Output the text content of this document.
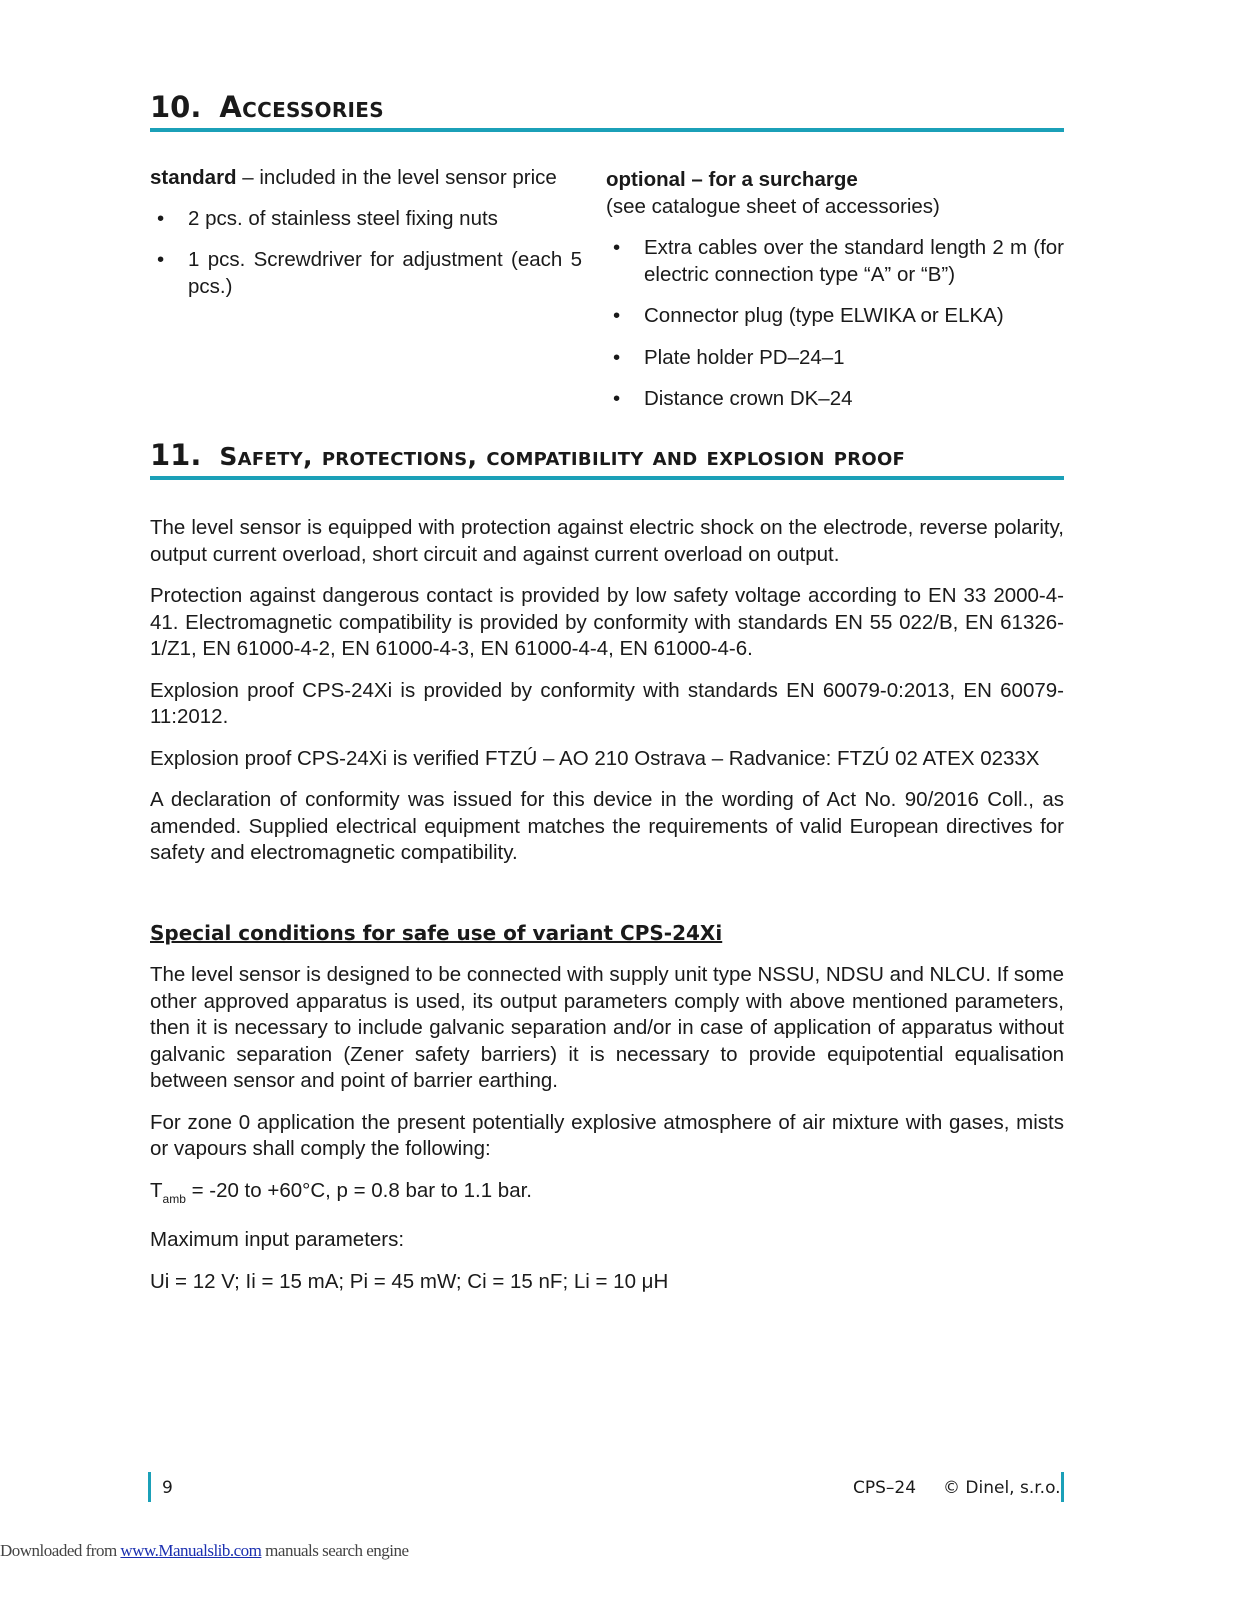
10. Accessories

standard – included in the level sensor price

• 2 pcs. of stainless steel fixing nuts
• 1 pcs. Screwdriver for adjustment (each 5 pcs.)

optional – for a surcharge

(see catalogue sheet of accessories)

• Extra cables over the standard length 2 m (for electric connection type “A” or “B”)
• Connector plug (type ELWIKA or ELKA)
• Plate holder PD–24–1
• Distance crown DK–24
11. Safety, protections, compatibility and explosion proof

The level sensor is equipped with protection against electric shock on the electrode, reverse polarity, output current overload, short circuit and against current overload on output.

Protection against dangerous contact is provided by low safety voltage according to EN 33 2000-4-41. Electromagnetic compatibility is provided by conformity with standards EN 55 022/B, EN 61326-1/Z1, EN 61000-4-2, EN 61000-4-3, EN 61000-4-4, EN 61000-4-6.

Explosion proof CPS-24Xi is provided by conformity with standards EN 60079-0:2013, EN 60079-11:2012.

Explosion proof CPS-24Xi is verified FTZÚ – AO 210 Ostrava – Radvanice: FTZÚ 02 ATEX 0233X

A declaration of conformity was issued for this device in the wording of Act No. 90/2016 Coll., as amended. Supplied electrical equipment matches the requirements of valid European directives for safety and electromagnetic compatibility.

Special conditions for safe use of variant CPS-24Xi

The level sensor is designed to be connected with supply unit type NSSU, NDSU and NLCU. If some other approved apparatus is used, its output parameters comply with above mentioned parameters, then it is necessary to include galvanic separation and/or in case of application of apparatus without galvanic separation (Zener safety barriers) it is necessary to provide equipotential equalisation between sensor and point of barrier earthing.

For zone 0 application the present potentially explosive atmosphere of air mixture with gases, mists or vapours shall comply the following:

$T_{amb} = -20$ to +60°C, p = 0.8 bar to 1.1 bar.

Maximum input parameters:

Ui = 12 V; Ii = 15 mA; Pi = 45 mW; Ci = 15 nF; Li = 10 μH

9	CPS–24 © Dinel, s.r.o.
Downloaded from www.Manualslib.com manuals search engine
